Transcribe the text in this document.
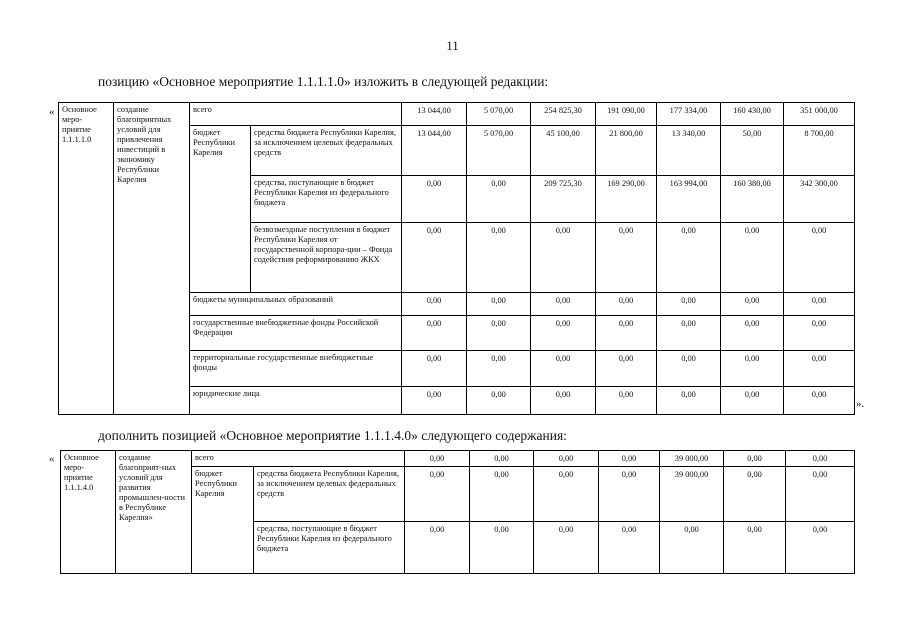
11
позицию «Основное мероприятие 1.1.1.1.0» изложить в следующей редакции:
«
».
Основное меро-приятие 1.1.1.1.0	создание благоприятных условий для привлечения инвестиций в экономику Республики Карелия	всего		13 044,00	5 070,00	254 825,30	191 090,00	177 334,00	160 430,00	351 000,00
		бюджет Республики Карелия	средства бюджета Республики Карелия, за исключением целевых федеральных средств	13 044,00	5 070,00	45 100,00	21 800,00	13 340,00	50,00	8 700,00
			средства, поступающие в бюджет Республики Карелия из федерального бюджета	0,00	0,00	209 725,30	169 290,00	163 994,00	160 380,00	342 300,00
			безвозмездные поступления в бюджет Республики Карелия от государственной корпора-ции – Фонда содействия реформированию ЖКХ	0,00	0,00	0,00	0,00	0,00	0,00	0,00
		бюджеты муниципальных образований		0,00	0,00	0,00	0,00	0,00	0,00	0,00
		государственные внебюджетные фонды Российской Федерации		0,00	0,00	0,00	0,00	0,00	0,00	0,00
		территориальные государственные внебюджетные фонды		0,00	0,00	0,00	0,00	0,00	0,00	0,00
		юридические лица		0,00	0,00	0,00	0,00	0,00	0,00	0,00
дополнить позицией «Основное мероприятие 1.1.1.4.0» следующего содержания:
« Основное меро-приятие 1.1.1.4.0	создание благоприят-ных условий для развития промышлен-ности в Республике Карелия»	всего		0,00	0,00	0,00	0,00	39 000,00	0,00	0,00
		бюджет Республики Карелия	средства бюджета Республики Карелия, за исключением целевых федеральных средств	0,00	0,00	0,00	0,00	39 000,00	0,00	0,00
			средства, поступающие в бюджет Республики Карелия из федерального бюджета	0,00	0,00	0,00	0,00	0,00	0,00	0,00
